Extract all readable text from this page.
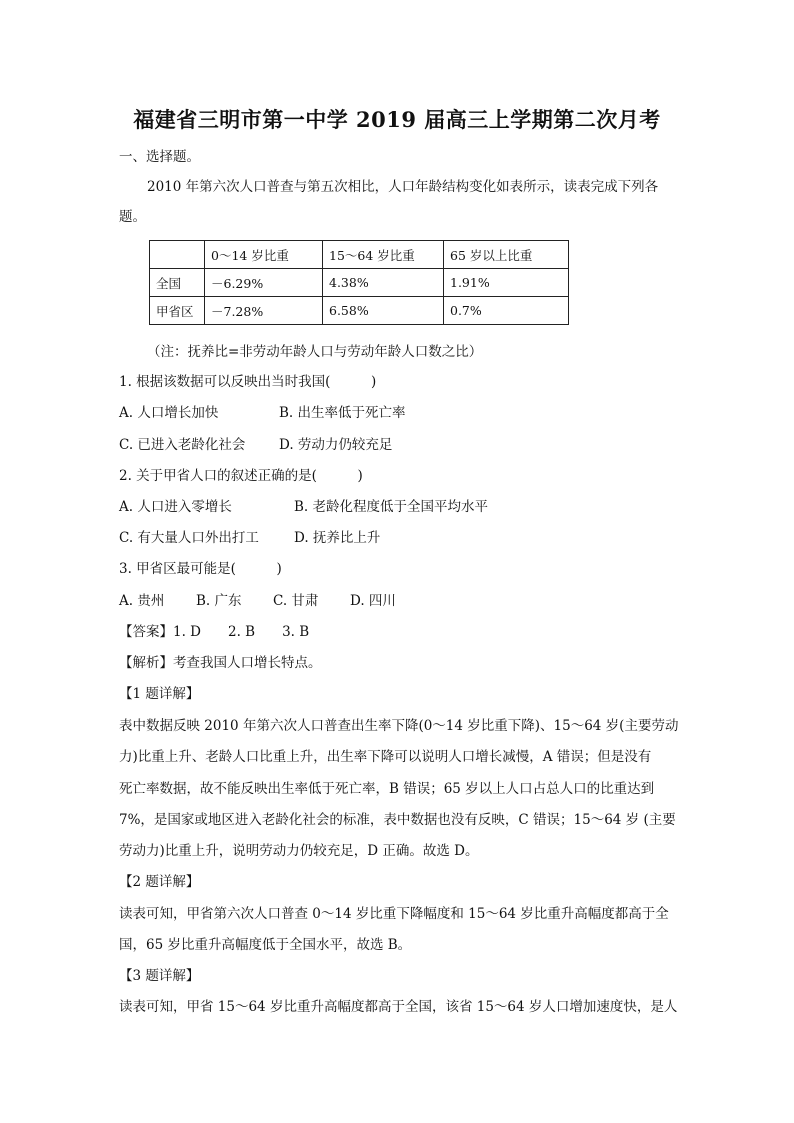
福建省三明市第一中学 2019 届高三上学期第二次月考
一、选择题。
2010 年第六次人口普查与第五次相比，人口年龄结构变化如表所示，读表完成下列各
题。
	0～14 岁比重	15～64 岁比重	65 岁以上比重
全国	－6.29%	4.38%	1.91%
甲省区	－7.28%	6.58%	0.7%
（注：抚养比=非劳动年龄人口与劳动年龄人口数之比）
1. 根据该数据可以反映出当时我国(　　　)
A. 人口增长加快	B. 出生率低于死亡率
C. 已进入老龄化社会 D. 劳动力仍较充足
2. 关于甲省人口的叙述正确的是(　　　)
A. 人口进入零增长	B. 老龄化程度低于全国平均水平
C. 有大量人口外出打工	D. 抚养比上升
3. 甲省区最可能是(　　　)
A. 贵州 B. 广东 C. 甘肃 D. 四川
【答案】1. D　　2. B　　3. B
【解析】考查我国人口增长特点。
【1 题详解】
表中数据反映 2010 年第六次人口普查出生率下降(0～14 岁比重下降)、15～64 岁(主要劳动
力)比重上升、老龄人口比重上升，出生率下降可以说明人口增长减慢，A 错误；但是没有
死亡率数据，故不能反映出生率低于死亡率，B 错误；65 岁以上人口占总人口的比重达到
7%，是国家或地区进入老龄化社会的标准，表中数据也没有反映，C 错误；15～64 岁 (主要
劳动力)比重上升，说明劳动力仍较充足，D 正确。故选 D。
【2 题详解】
读表可知，甲省第六次人口普查 0～14 岁比重下降幅度和 15～64 岁比重升高幅度都高于全
国，65 岁比重升高幅度低于全国水平，故选 B。
【3 题详解】
读表可知，甲省 15～64 岁比重升高幅度都高于全国，该省 15～64 岁人口增加速度快，是人
